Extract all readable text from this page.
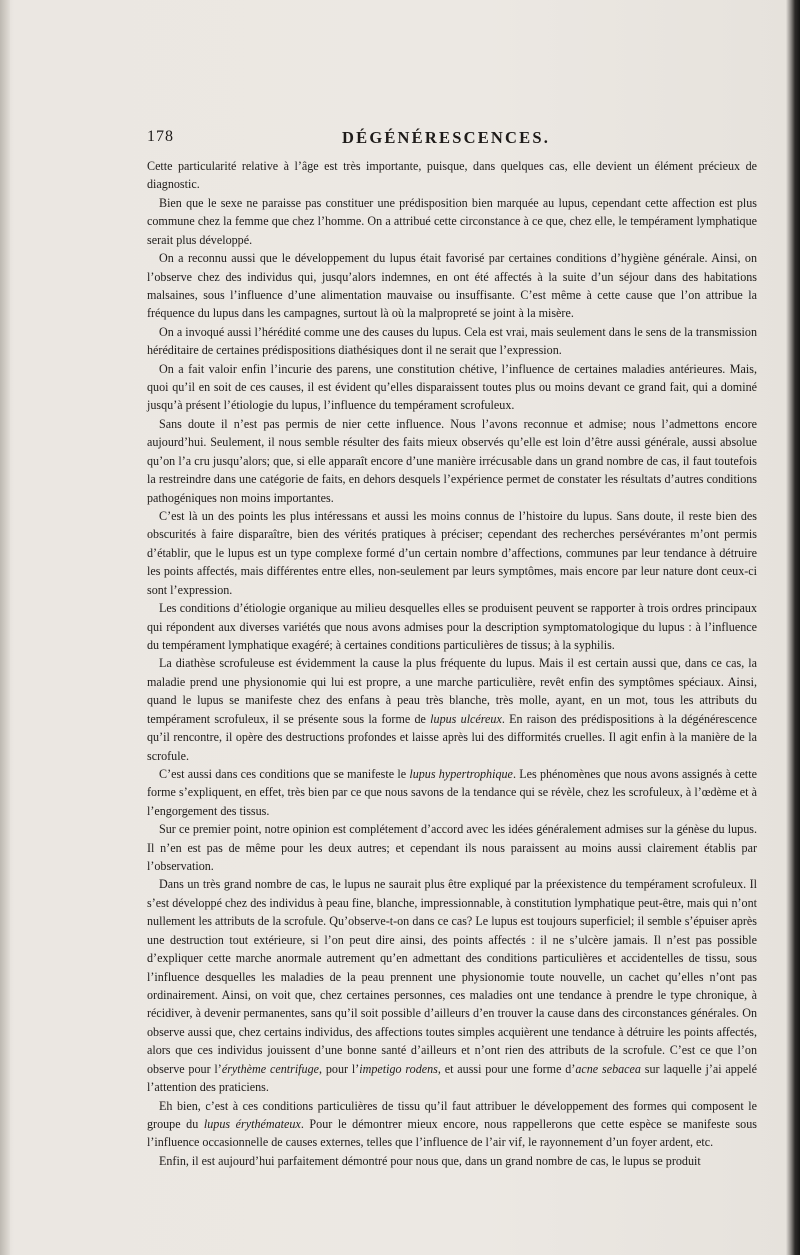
178	DÉGÉNÉRESCENCES.

Cette particularité relative à l’âge est très importante, puisque, dans quelques cas, elle devient un élément précieux de diagnostic.

Bien que le sexe ne paraisse pas constituer une prédisposition bien marquée au lupus, cependant cette affection est plus commune chez la femme que chez l’homme. On a attribué cette circonstance à ce que, chez elle, le tempérament lymphatique serait plus développé.

On a reconnu aussi que le développement du lupus était favorisé par certaines conditions d’hygiène générale. Ainsi, on l’observe chez des individus qui, jusqu’alors indemnes, en ont été affectés à la suite d’un séjour dans des habitations malsaines, sous l’influence d’une alimentation mauvaise ou insuffisante. C’est même à cette cause que l’on attribue la fréquence du lupus dans les campagnes, surtout là où la malpropreté se joint à la misère.

On a invoqué aussi l’hérédité comme une des causes du lupus. Cela est vrai, mais seulement dans le sens de la transmission héréditaire de certaines prédispositions diathésiques dont il ne serait que l’expression.

On a fait valoir enfin l’incurie des parens, une constitution chétive, l’influence de certaines maladies antérieures. Mais, quoi qu’il en soit de ces causes, il est évident qu’elles disparaissent toutes plus ou moins devant ce grand fait, qui a dominé jusqu’à présent l’étiologie du lupus, l’influence du tempérament scrofuleux.

Sans doute il n’est pas permis de nier cette influence. Nous l’avons reconnue et admise; nous l’admettons encore aujourd’hui. Seulement, il nous semble résulter des faits mieux observés qu’elle est loin d’être aussi générale, aussi absolue qu’on l’a cru jusqu’alors; que, si elle apparaît encore d’une manière irrécusable dans un grand nombre de cas, il faut toutefois la restreindre dans une catégorie de faits, en dehors desquels l’expérience permet de constater les résultats d’autres conditions pathogéniques non moins importantes.

C’est là un des points les plus intéressans et aussi les moins connus de l’histoire du lupus. Sans doute, il reste bien des obscurités à faire disparaître, bien des vérités pratiques à préciser; cependant des recherches persévérantes m’ont permis d’établir, que le lupus est un type complexe formé d’un certain nombre d’affections, communes par leur tendance à détruire les points affectés, mais différentes entre elles, non-seulement par leurs symptômes, mais encore par leur nature dont ceux-ci sont l’expression.

Les conditions d’étiologie organique au milieu desquelles elles se produisent peuvent se rapporter à trois ordres principaux qui répondent aux diverses variétés que nous avons admises pour la description symptomatologique du lupus : à l’influence du tempérament lymphatique exagéré; à certaines conditions particulières de tissus; à la syphilis.

La diathèse scrofuleuse est évidemment la cause la plus fréquente du lupus. Mais il est certain aussi que, dans ce cas, la maladie prend une physionomie qui lui est propre, a une marche particulière, revêt enfin des symptômes spéciaux. Ainsi, quand le lupus se manifeste chez des enfans à peau très blanche, très molle, ayant, en un mot, tous les attributs du tempérament scrofuleux, il se présente sous la forme de lupus ulcéreux. En raison des prédispositions à la dégénérescence qu’il rencontre, il opère des destructions profondes et laisse après lui des difformités cruelles. Il agit enfin à la manière de la scrofule.

C’est aussi dans ces conditions que se manifeste le lupus hypertrophique. Les phénomènes que nous avons assignés à cette forme s’expliquent, en effet, très bien par ce que nous savons de la tendance qui se révèle, chez les scrofuleux, à l’œdème et à l’engorgement des tissus.

Sur ce premier point, notre opinion est complétement d’accord avec les idées généralement admises sur la génèse du lupus. Il n’en est pas de même pour les deux autres; et cependant ils nous paraissent au moins aussi clairement établis par l’observation.

Dans un très grand nombre de cas, le lupus ne saurait plus être expliqué par la préexistence du tempérament scrofuleux. Il s’est développé chez des individus à peau fine, blanche, impressionnable, à constitution lymphatique peut-être, mais qui n’ont nullement les attributs de la scrofule. Qu’observe-t-on dans ce cas? Le lupus est toujours superficiel; il semble s’épuiser après une destruction tout extérieure, si l’on peut dire ainsi, des points affectés : il ne s’ulcère jamais. Il n’est pas possible d’expliquer cette marche anormale autrement qu’en admettant des conditions particulières et accidentelles de tissu, sous l’influence desquelles les maladies de la peau prennent une physionomie toute nouvelle, un cachet qu’elles n’ont pas ordinairement. Ainsi, on voit que, chez certaines personnes, ces maladies ont une tendance à prendre le type chronique, à récidiver, à devenir permanentes, sans qu’il soit possible d’ailleurs d’en trouver la cause dans des circonstances générales. On observe aussi que, chez certains individus, des affections toutes simples acquièrent une tendance à détruire les points affectés, alors que ces individus jouissent d’une bonne santé d’ailleurs et n’ont rien des attributs de la scrofule. C’est ce que l’on observe pour l’érythème centrifuge, pour l’impetigo rodens, et aussi pour une forme d’acne sebacea sur laquelle j’ai appelé l’attention des praticiens.

Eh bien, c’est à ces conditions particulières de tissu qu’il faut attribuer le développement des formes qui composent le groupe du lupus érythémateux. Pour le démontrer mieux encore, nous rappellerons que cette espèce se manifeste sous l’influence occasionnelle de causes externes, telles que l’influence de l’air vif, le rayonnement d’un foyer ardent, etc.

Enfin, il est aujourd’hui parfaitement démontré pour nous que, dans un grand nombre de cas, le lupus se produit
